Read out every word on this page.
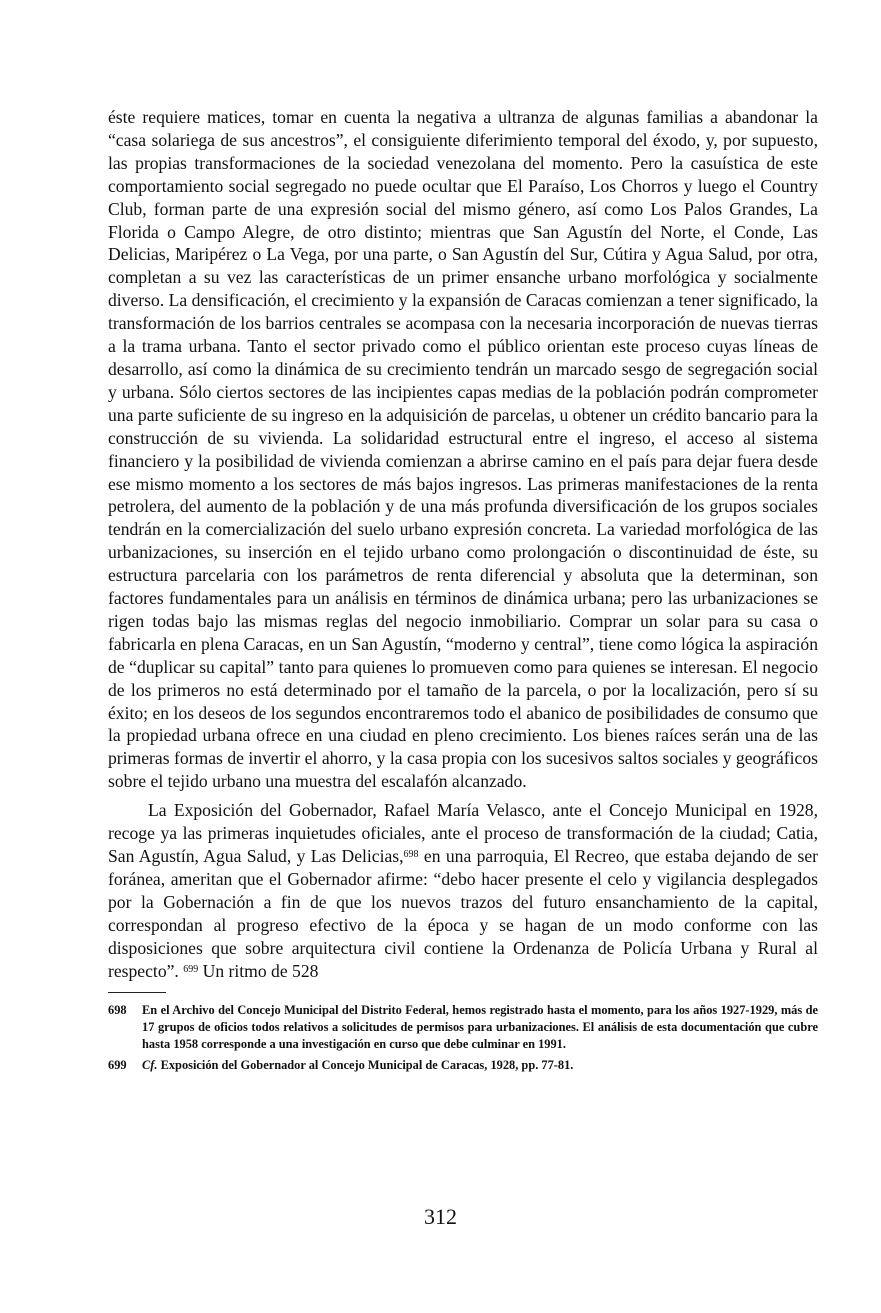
éste requiere matices, tomar en cuenta la negativa a ultranza de algunas familias a abandonar la “casa solariega de sus ancestros”, el consiguiente diferimiento temporal del éxodo, y, por supuesto, las propias transformaciones de la sociedad venezolana del momento. Pero la casuística de este comportamiento social segregado no puede ocultar que El Paraíso, Los Chorros y luego el Country Club, forman parte de una expresión social del mismo género, así como Los Palos Grandes, La Florida o Campo Alegre, de otro distinto; mientras que San Agustín del Norte, el Conde, Las Delicias, Maripérez o La Vega, por una parte, o San Agustín del Sur, Cútira y Agua Salud, por otra, completan a su vez las características de un primer ensanche urbano morfológica y socialmente diverso. La densificación, el crecimiento y la expansión de Caracas comienzan a tener significado, la transformación de los barrios centrales se acompasa con la necesaria incorporación de nuevas tierras a la trama urbana. Tanto el sector privado como el público orientan este proceso cuyas líneas de desarrollo, así como la dinámica de su crecimiento tendrán un marcado sesgo de segregación social y urbana. Sólo ciertos sectores de las incipientes capas medias de la población podrán comprometer una parte suficiente de su ingreso en la adquisición de parcelas, u obtener un crédito bancario para la construcción de su vivienda. La solidaridad estructural entre el ingreso, el acceso al sistema financiero y la posibilidad de vivienda comienzan a abrirse camino en el país para dejar fuera desde ese mismo momento a los sectores de más bajos ingresos. Las primeras manifestaciones de la renta petrolera, del aumento de la población y de una más profunda diversificación de los grupos sociales tendrán en la comercialización del suelo urbano expresión concreta. La variedad morfológica de las urbanizaciones, su inserción en el tejido urbano como prolongación o discontinuidad de éste, su estructura parcelaria con los parámetros de renta diferencial y absoluta que la determinan, son factores fundamentales para un análisis en términos de dinámica urbana; pero las urbanizaciones se rigen todas bajo las mismas reglas del negocio inmobiliario. Comprar un solar para su casa o fabricarla en plena Caracas, en un San Agustín, “moderno y central”, tiene como lógica la aspiración de “duplicar su capital” tanto para quienes lo promueven como para quienes se interesan. El negocio de los primeros no está determinado por el tamaño de la parcela, o por la localización, pero sí su éxito; en los deseos de los segundos encontraremos todo el abanico de posibilidades de consumo que la propiedad urbana ofrece en una ciudad en pleno crecimiento. Los bienes raíces serán una de las primeras formas de invertir el ahorro, y la casa propia con los sucesivos saltos sociales y geográficos sobre el tejido urbano una muestra del escalafón alcanzado.

La Exposición del Gobernador, Rafael María Velasco, ante el Concejo Municipal en 1928, recoge ya las primeras inquietudes oficiales, ante el proceso de transformación de la ciudad; Catia, San Agustín, Agua Salud, y Las Delicias,$^{698}$ en una parroquia, El Recreo, que estaba dejando de ser foránea, ameritan que el Gobernador afirme: “debo hacer presente el celo y vigilancia desplegados por la Gobernación a fin de que los nuevos trazos del futuro ensanchamiento de la capital, correspondan al progreso efectivo de la época y se hagan de un modo conforme con las disposiciones que sobre arquitectura civil contiene la Ordenanza de Policía Urbana y Rural al respecto”. $^{699}$ Un ritmo de 528

698	En el Archivo del Concejo Municipal del Distrito Federal, hemos registrado hasta el momento, para los años 1927-1929, más de 17 grupos de oficios todos relativos a solicitudes de permisos para urbanizaciones. El análisis de esta documentación que cubre hasta 1958 corresponde a una investigación en curso que debe culminar en 1991.
699	Cf. Exposición del Gobernador al Concejo Municipal de Caracas, 1928, pp. 77-81.
312
